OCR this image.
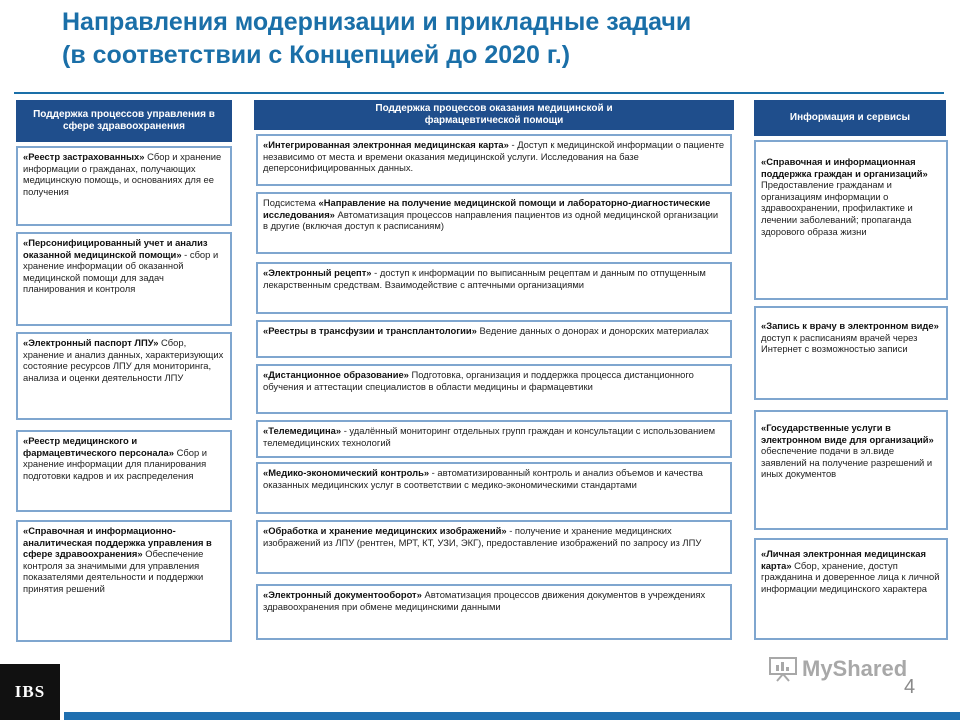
Направления модернизации и прикладные задачи
(в соответствии с Концепцией до 2020 г.)
Поддержка процессов управления в сфере здравоохранения
«Реестр застрахованных» Сбор и хранение информации о гражданах, получающих медицинскую помощь, и основаниях для ее получения
«Персонифицированный учет и анализ оказанной медицинской помощи» - сбор и хранение информации об оказанной медицинской помощи для задач планирования и контроля
«Электронный паспорт ЛПУ» Сбор, хранение и анализ данных, характеризующих состояние ресурсов ЛПУ для мониторинга, анализа и оценки деятельности ЛПУ
«Реестр медицинского и фармацевтического персонала» Сбор и хранение информации для планирования подготовки кадров и их распределения
«Справочная и информационно-аналитическая поддержка управления в сфере здравоохранения» Обеспечение контроля за значимыми для управления показателями деятельности и поддержки принятия решений
Поддержка процессов оказания медицинской и фармацевтической помощи
«Интегрированная электронная медицинская карта» - Доступ к медицинской информации о пациенте независимо от места и времени оказания медицинской услуги. Исследования на базе деперсонифицированных данных.
Подсистема «Направление на получение медицинской помощи и лабораторно-диагностические исследования» Автоматизация процессов направления пациентов из одной медицинской организации в другие (включая доступ к расписаниям)
«Электронный рецепт» - доступ к информации по выписанным рецептам и данным по отпущенным лекарственным средствам. Взаимодействие с аптечными организациями
«Реестры в трансфузии и трансплантологии» Ведение данных о донорах и донорских материалах
«Дистанционное образование» Подготовка, организация и поддержка процесса дистанционного обучения и аттестации специалистов в области медицины и фармацевтики
«Телемедицина» - удалённый мониторинг отдельных групп граждан и консультации с использованием телемедицинских технологий
«Медико-экономический контроль» - автоматизированный контроль и анализ объемов и качества оказанных медицинских услуг в соответствии с медико-экономическими стандартами
«Обработка и хранение медицинских изображений» - получение и хранение медицинских изображений из ЛПУ (рентген, МРТ, КТ, УЗИ, ЭКГ), предоставление изображений по запросу из ЛПУ
«Электронный документооборот» Автоматизация процессов движения документов в учреждениях здравоохранения при обмене медицинскими данными
Информация и сервисы
«Справочная и информационная поддержка граждан и организаций» Предоставление гражданам и организациям информации о здравоохранении, профилактике и лечении заболеваний; пропаганда здорового образа жизни
«Запись к врачу в электронном виде» доступ к расписаниям врачей через Интернет с возможностью записи
«Государственные услуги в электронном виде для организаций» обеспечение подачи в эл.виде заявлений на получение разрешений и иных документов
«Личная электронная медицинская карта» Сбор, хранение, доступ гражданина и доверенное лица к личной информации медицинского характера
IBS
MyShared
4
